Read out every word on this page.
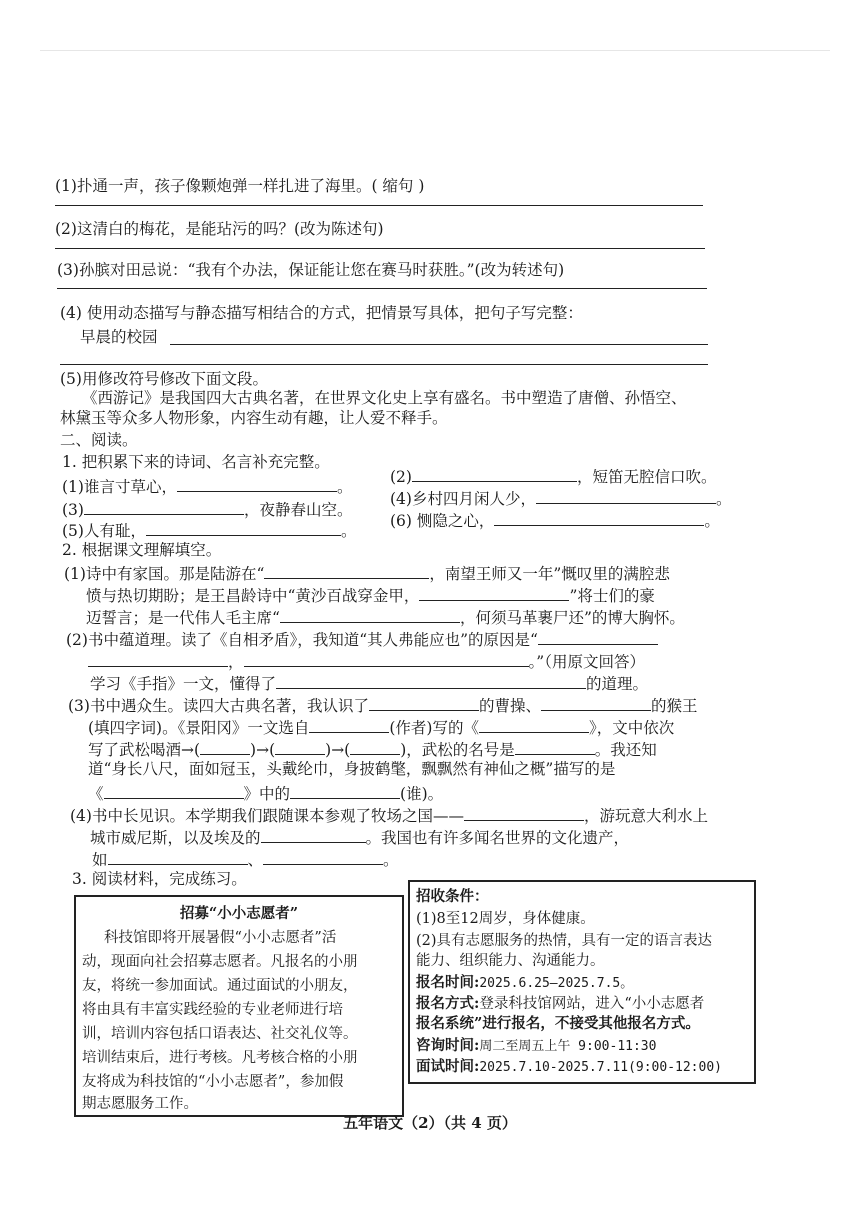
(1)扑通一声，孩子像颗炮弹一样扎进了海里。( 缩句 )
(2)这清白的梅花，是能玷污的吗？(改为陈述句)
(3)孙膑对田忌说：“我有个办法，保证能让您在赛马时获胜。”(改为转述句)
(4) 使用动态描写与静态描写相结合的方式，把情景写具体，把句子写完整：
早晨的校园
(5)用修改符号修改下面文段。
《西游记》是我国四大古典名著，在世界文化史上享有盛名。书中塑造了唐僧、孙悟空、
林黛玉等众多人物形象，内容生动有趣，让人爱不释手。
二、阅读。
1. 把积累下来的诗词、名言补充完整。
(1)谁言寸草心，	。
(2)	，短笛无腔信口吹。
(3)	，夜静春山空。
(4)乡村四月闲人少，	。
(5)人有耻，	。
(6) 恻隐之心，	。
2. 根据课文理解填空。
(1)诗中有家国。那是陆游在“	，南望王师又一年”慨叹里的满腔悲
愤与热切期盼；是王昌龄诗中“黄沙百战穿金甲，	”将士们的豪
迈誓言；是一代伟人毛主席“	，何须马革裹尸还”的博大胸怀。
(2)书中蕴道理。读了《自相矛盾》，我知道“其人弗能应也”的原因是“
，	。”（用原文回答）
学习《手指》一文，懂得了	的道理。
(3)书中遇众生。读四大古典名著，我认识了	的曹操、	的猴王
(填四字词)。《景阳冈》一文选自	(作者)写的《	》，文中依次
写了武松喝酒→(	)→(	)→(	)，武松的名号是	。我还知
道“身长八尺，面如冠玉，头戴纶巾，身披鹤氅，飘飘然有神仙之概”描写的是
《	》中的	(谁)。
(4)书中长见识。本学期我们跟随课本参观了牧场之国——	，游玩意大利水上
城市威尼斯，以及埃及的	。我国也有许多闻名世界的文化遗产，
如	、	。
3. 阅读材料，完成练习。
招募“小小志愿者”
科技馆即将开展暑假“小小志愿者”活
动，现面向社会招募志愿者。凡报名的小朋
友，将统一参加面试。通过面试的小朋友，
将由具有丰富实践经验的专业老师进行培
训，培训内容包括口语表达、社交礼仪等。
培训结束后，进行考核。凡考核合格的小朋
友将成为科技馆的“小小志愿者”，参加假
期志愿服务工作。
招收条件：
(1)8至12周岁，身体健康。
(2)具有志愿服务的热情，具有一定的语言表达
能力、组织能力、沟通能力。
报名时间:2025.6.25—2025.7.5。
报名方式:登录科技馆网站，进入“小小志愿者
报名系统”进行报名，不接受其他报名方式。
咨询时间:周二至周五上午 9:00-11:30
面试时间:2025.7.10-2025.7.11(9:00-12:00)
五年语文（2）（共 4 页）
